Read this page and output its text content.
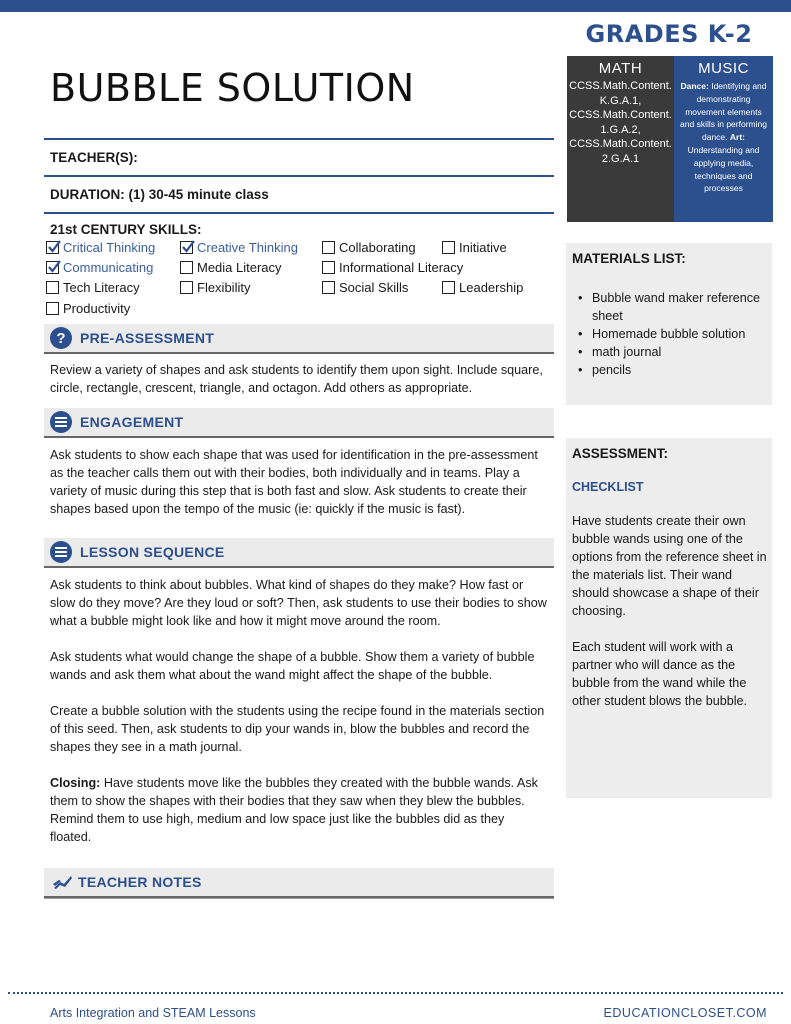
GRADES K-2
BUBBLE SOLUTION	MATH
CCSS.Math.Content.
K.G.A.1,
CCSS.Math.Content.
1.G.A.2,
CCSS.Math.Content.
2.G.A.1
MUSIC
Dance: Identifying and demonstrating movement elements and skills in performing dance. Art: Understanding and applying media, techniques and processes
TEACHER(S):
DURATION: (1) 30-45 minute class
21st CENTURY SKILLS:
Critical Thinking	Creative Thinking	Collaborating	Initiative
Communicating	Media Literacy	Informational Literacy
Tech Literacy	Flexibility	Social Skills	Leadership
Productivity
?	PRE-ASSESSMENT

Review a variety of shapes and ask students to identify them upon sight. Include square, circle, rectangle, crescent, triangle, and octagon. Add others as appropriate.

ENGAGEMENT

Ask students to show each shape that was used for identification in the pre-assessment as the teacher calls them out with their bodies, both individually and in teams. Play a variety of music during this step that is both fast and slow. Ask students to create their shapes based upon the tempo of the music (ie: quickly if the music is fast).

LESSON SEQUENCE

Ask students to think about bubbles. What kind of shapes do they make? How fast or slow do they move? Are they loud or soft? Then, ask students to use their bodies to show what a bubble might look like and how it might move around the room.

Ask students what would change the shape of a bubble. Show them a variety of bubble wands and ask them what about the wand might affect the shape of the bubble.

Create a bubble solution with the students using the recipe found in the materials section of this seed. Then, ask students to dip your wands in, blow the bubbles and record the shapes they see in a math journal.

Closing: Have students move like the bubbles they created with the bubble wands. Ask them to show the shapes with their bodies that they saw when they blew the bubbles. Remind them to use high, medium and low space just like the bubbles did as they floated.

TEACHER NOTES
MATERIALS LIST:
• Bubble wand maker reference sheet
• Homemade bubble solution
• math journal
• pencils
ASSESSMENT:
CHECKLIST

Have students create their own bubble wands using one of the options from the reference sheet in the materials list. Their wand should showcase a shape of their choosing.

Each student will work with a partner who will dance as the bubble from the wand while the other student blows the bubble.

Arts Integration and STEAM Lessons	EDUCATIONCLOSET.COM
